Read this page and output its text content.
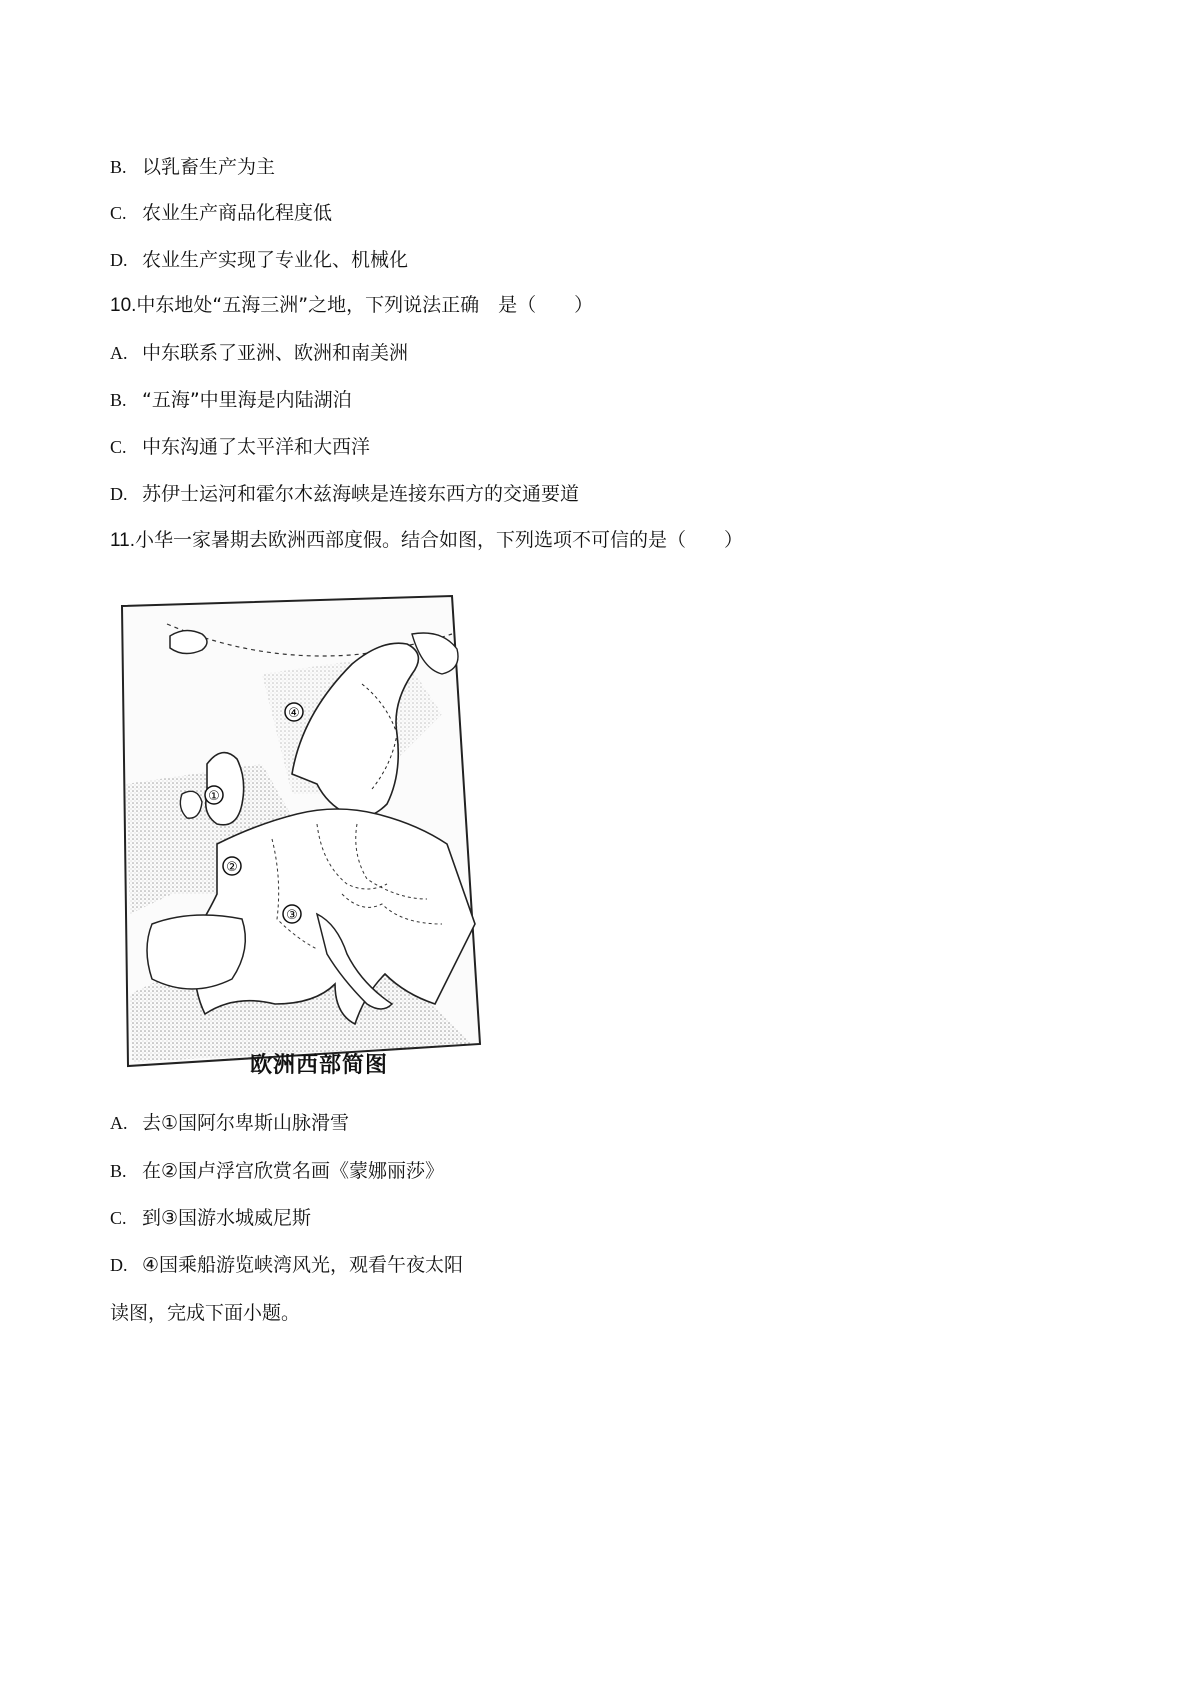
B. 以乳畜生产为主
C. 农业生产商品化程度低
D. 农业生产实现了专业化、机械化
10.中东地处“五海三洲”之地，下列说法正确　是（　　）
A. 中东联系了亚洲、欧洲和南美洲
B. “五海”中里海是内陆湖泊
C. 中东沟通了太平洋和大西洋
D. 苏伊士运河和霍尔木兹海峡是连接东西方的交通要道
11.小华一家暑期去欧洲西部度假。结合如图，下列选项不可信的是（　　）
①
②
③
④
欧洲西部简图
A. 去①国阿尔卑斯山脉滑雪
B. 在②国卢浮宫欣赏名画《蒙娜丽莎》
C. 到③国游水城威尼斯
D. ④国乘船游览峡湾风光，观看午夜太阳
读图，完成下面小题。
